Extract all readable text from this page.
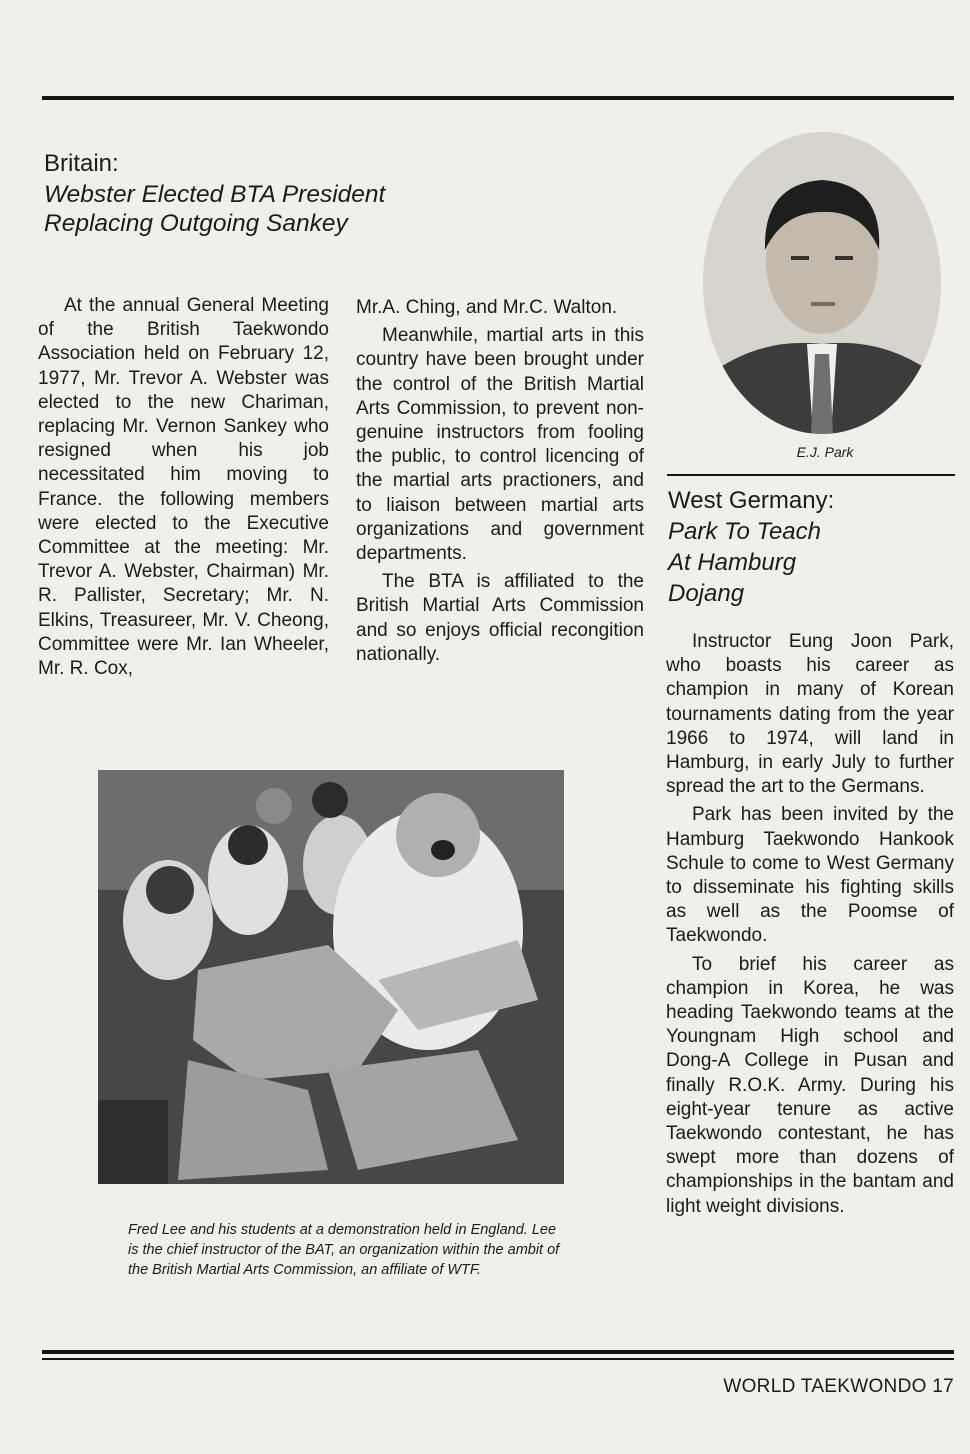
Britain:
Webster Elected BTA President
Replacing Outgoing Sankey

At the annual General Meeting of the British Taekwondo Association held on February 12, 1977, Mr. Trevor A. Webster was elected to the new Chariman, replacing Mr. Vernon Sankey who resigned when his job necessitated him moving to France. the following members were elected to the Executive Committee at the meeting: Mr. Trevor A. Webster, Chairman) Mr. R. Pallister, Secretary; Mr. N. Elkins, Treasureer, Mr. V. Cheong, Committee were Mr. Ian Wheeler, Mr. R. Cox,

Mr.A. Ching, and Mr.C. Walton.

Meanwhile, martial arts in this country have been brought under the control of the British Martial Arts Commission, to prevent non-genuine instructors from fooling the public, to control licencing of the martial arts practioners, and to liaison between martial arts organizations and government departments.

The BTA is affiliated to the British Martial Arts Commission and so enjoys official recongition nationally.

Fred Lee and his students at a demonstration held in England. Lee is the chief instructor of the BAT, an organization within the ambit of the British Martial Arts Commission, an affiliate of WTF.
E.J. Park
West Germany:
Park To Teach
At Hamburg
Dojang

Instructor Eung Joon Park, who boasts his career as champion in many of Korean tournaments dating from the year 1966 to 1974, will land in Hamburg, in early July to further spread the art to the Germans.

Park has been invited by the Hamburg Taekwondo Hankook Schule to come to West Germany to disseminate his fighting skills as well as the Poomse of Taekwondo.

To brief his career as champion in Korea, he was heading Taekwondo teams at the Youngnam High school and Dong-A College in Pusan and finally R.O.K. Army. During his eight-year tenure as active Taekwondo contestant, he has swept more than dozens of championships in the bantam and light weight divisions.

WORLD TAEKWONDO 17
